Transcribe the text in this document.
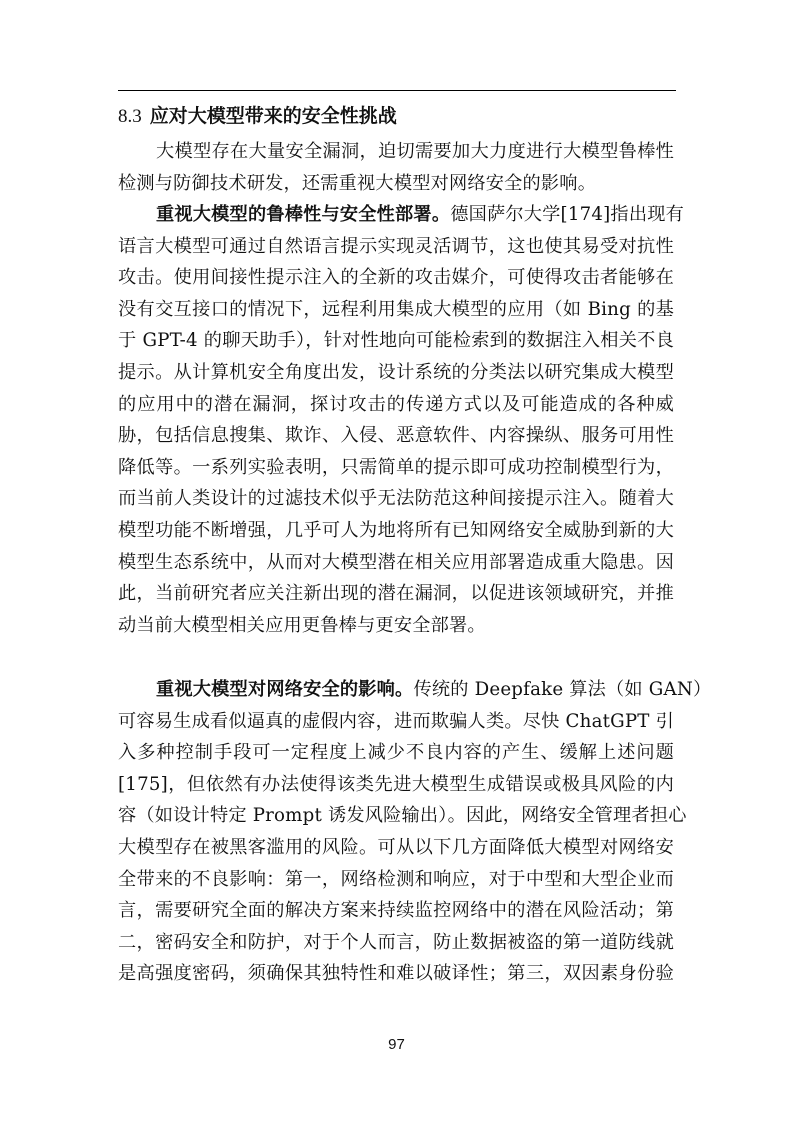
8.3 应对大模型带来的安全性挑战
大模型存在大量安全漏洞，迫切需要加大力度进行大模型鲁棒性
检测与防御技术研发，还需重视大模型对网络安全的影响。
重视大模型的鲁棒性与安全性部署。德国萨尔大学[174]指出现有
语言大模型可通过自然语言提示实现灵活调节，这也使其易受对抗性
攻击。使用间接性提示注入的全新的攻击媒介，可使得攻击者能够在
没有交互接口的情况下，远程利用集成大模型的应用（如 Bing 的基
于 GPT-4 的聊天助手），针对性地向可能检索到的数据注入相关不良
提示。从计算机安全角度出发，设计系统的分类法以研究集成大模型
的应用中的潜在漏洞，探讨攻击的传递方式以及可能造成的各种威
胁，包括信息搜集、欺诈、入侵、恶意软件、内容操纵、服务可用性
降低等。一系列实验表明，只需简单的提示即可成功控制模型行为，
而当前人类设计的过滤技术似乎无法防范这种间接提示注入。随着大
模型功能不断增强，几乎可人为地将所有已知网络安全威胁到新的大
模型生态系统中，从而对大模型潜在相关应用部署造成重大隐患。因
此，当前研究者应关注新出现的潜在漏洞，以促进该领域研究，并推
动当前大模型相关应用更鲁棒与更安全部署。
重视大模型对网络安全的影响。传统的 Deepfake 算法（如 GAN）
可容易生成看似逼真的虚假内容，进而欺骗人类。尽快 ChatGPT 引
入多种控制手段可一定程度上减少不良内容的产生、缓解上述问题
[175]，但依然有办法使得该类先进大模型生成错误或极具风险的内
容（如设计特定 Prompt 诱发风险输出）。因此，网络安全管理者担心
大模型存在被黑客滥用的风险。可从以下几方面降低大模型对网络安
全带来的不良影响：第一，网络检测和响应，对于中型和大型企业而
言，需要研究全面的解决方案来持续监控网络中的潜在风险活动；第
二，密码安全和防护，对于个人而言，防止数据被盗的第一道防线就
是高强度密码，须确保其独特性和难以破译性；第三，双因素身份验
97
